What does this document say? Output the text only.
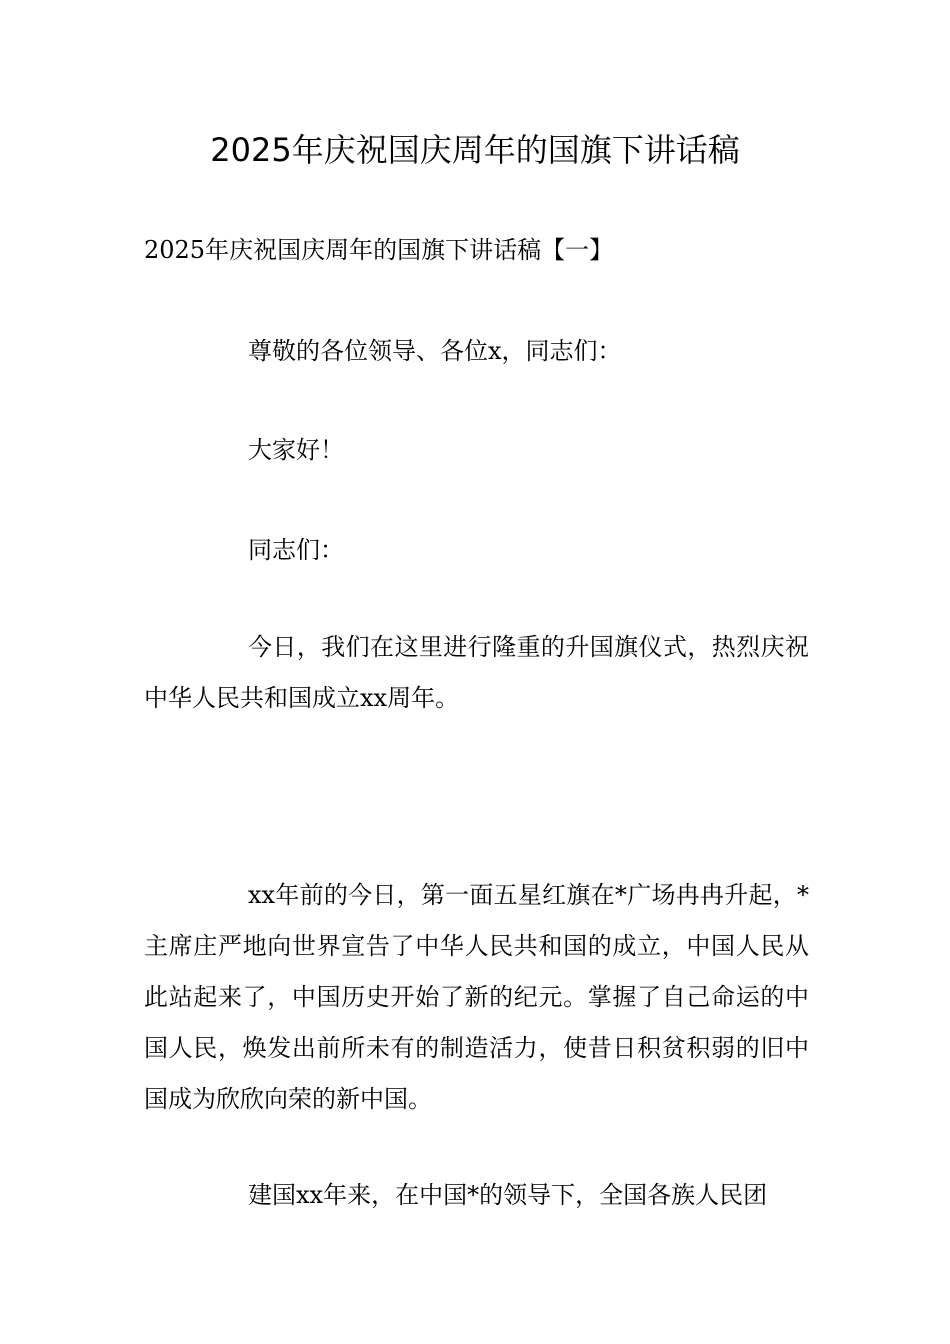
2025年庆祝国庆周年的国旗下讲话稿
2025年庆祝国庆周年的国旗下讲话稿【一】
尊敬的各位领导、各位x，同志们：
大家好！
同志们：
今日，我们在这里进行隆重的升国旗仪式，热烈庆祝中华人民共和国成立xx周年。
xx年前的今日，第一面五星红旗在*广场冉冉升起，*主席庄严地向世界宣告了中华人民共和国的成立，中国人民从此站起来了，中国历史开始了新的纪元。掌握了自己命运的中国人民，焕发出前所未有的制造活力，使昔日积贫积弱的旧中国成为欣欣向荣的新中国。
建国xx年来，在中国*的领导下，全国各族人民团
